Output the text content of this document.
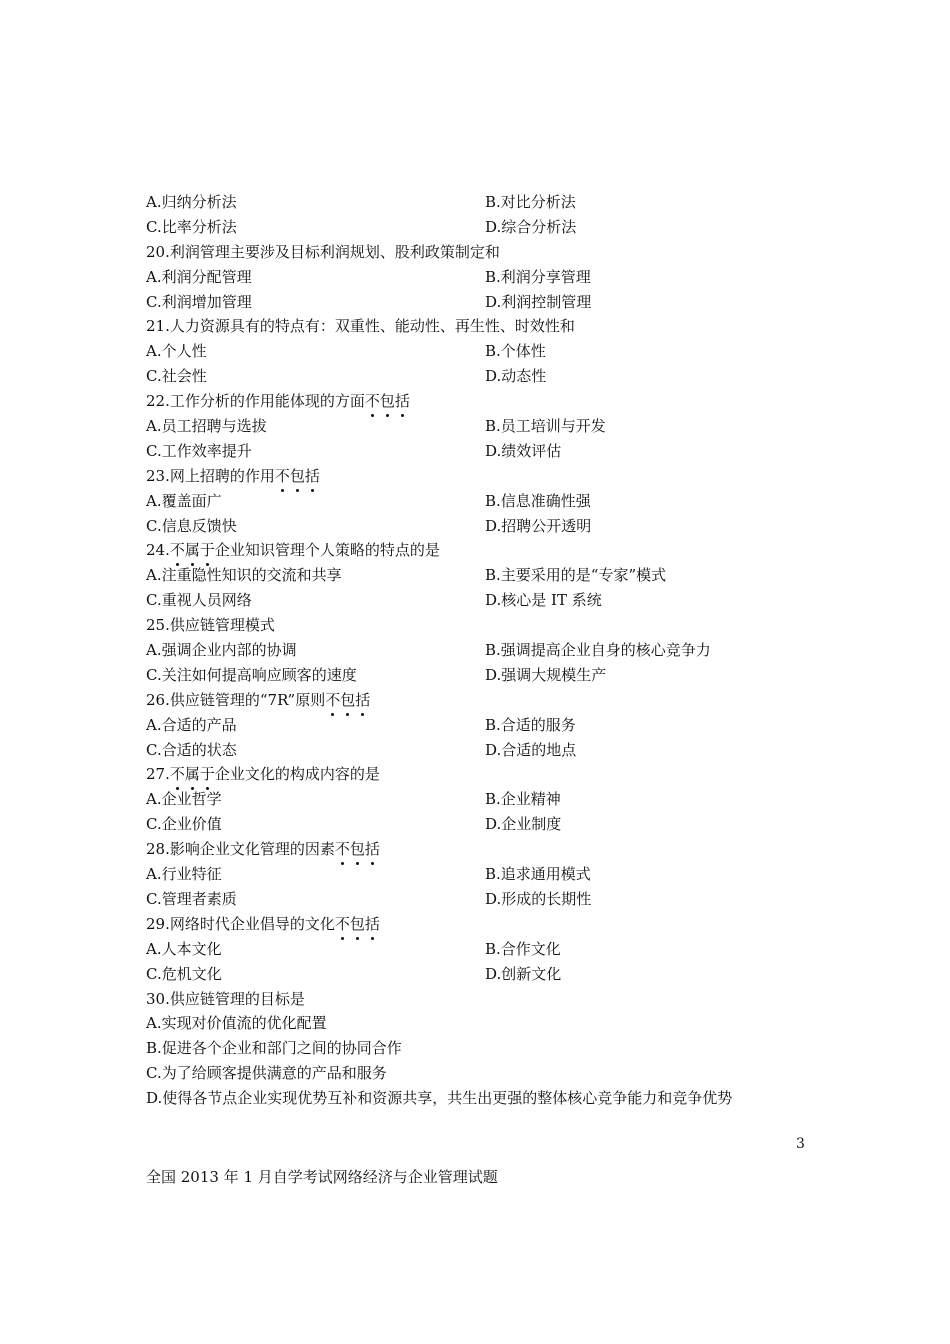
A.归纳分析法	B.对比分析法
C.比率分析法	D.综合分析法
20.利润管理主要涉及目标利润规划、股利政策制定和
A.利润分配管理	B.利润分享管理
C.利润增加管理	D.利润控制管理
21.人力资源具有的特点有：双重性、能动性、再生性、时效性和
A.个人性	B.个体性
C.社会性	D.动态性
22.工作分析的作用能体现的方面不包括
A.员工招聘与选拔	B.员工培训与开发
C.工作效率提升	D.绩效评估
23.网上招聘的作用不包括
A.覆盖面广	B.信息准确性强
C.信息反馈快	D.招聘公开透明
24.不属于企业知识管理个人策略的特点的是
A.注重隐性知识的交流和共享	B.主要采用的是“专家”模式
C.重视人员网络	D.核心是 IT 系统
25.供应链管理模式
A.强调企业内部的协调	B.强调提高企业自身的核心竞争力
C.关注如何提高响应顾客的速度	D.强调大规模生产
26.供应链管理的“7R”原则不包括
A.合适的产品	B.合适的服务
C.合适的状态	D.合适的地点
27.不属于企业文化的构成内容的是
A.企业哲学	B.企业精神
C.企业价值	D.企业制度
28.影响企业文化管理的因素不包括
A.行业特征	B.追求通用模式
C.管理者素质	D.形成的长期性
29.网络时代企业倡导的文化不包括
A.人本文化	B.合作文化
C.危机文化	D.创新文化
30.供应链管理的目标是
A.实现对价值流的优化配置
B.促进各个企业和部门之间的协同合作
C.为了给顾客提供满意的产品和服务
D.使得各节点企业实现优势互补和资源共享，共生出更强的整体核心竞争能力和竞争优势
3
全国 2013 年 1 月自学考试网络经济与企业管理试题
